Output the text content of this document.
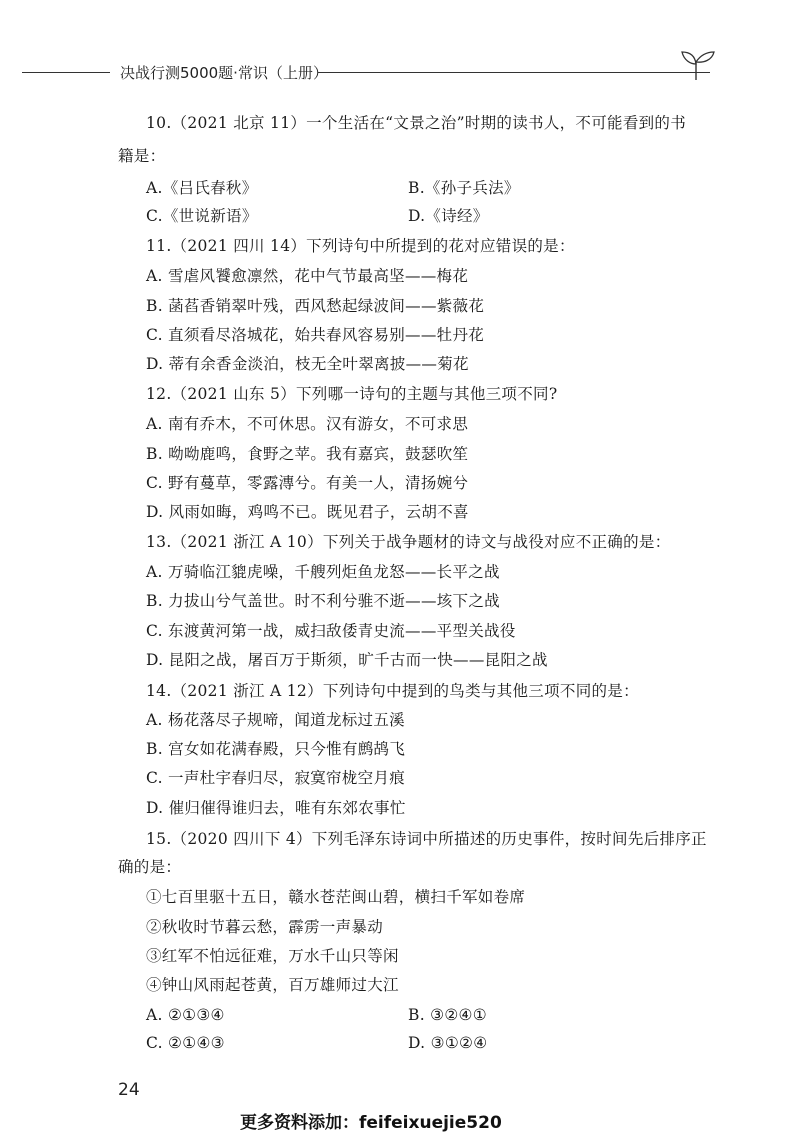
决战行测5000题·常识（上册）
10.（2021 北京 11）一个生活在“文景之治”时期的读书人，不可能看到的书
籍是：
A.《吕氏春秋》	B.《孙子兵法》
C.《世说新语》	D.《诗经》
11.（2021 四川 14）下列诗句中所提到的花对应错误的是：
A. 雪虐风饕愈凛然，花中气节最高坚——梅花
B. 菡萏香销翠叶残，西风愁起绿波间——紫薇花
C. 直须看尽洛城花，始共春风容易别——牡丹花
D. 蒂有余香金淡泊，枝无全叶翠离披——菊花
12.（2021 山东 5）下列哪一诗句的主题与其他三项不同?
A. 南有乔木，不可休思。汉有游女，不可求思
B. 呦呦鹿鸣，食野之苹。我有嘉宾，鼓瑟吹笙
C. 野有蔓草，零露漙兮。有美一人，清扬婉兮
D. 风雨如晦，鸡鸣不已。既见君子，云胡不喜
13.（2021 浙江 A 10）下列关于战争题材的诗文与战役对应不正确的是：
A. 万骑临江貔虎噪，千艘列炬鱼龙怒——长平之战
B. 力拔山兮气盖世。时不利兮骓不逝——垓下之战
C. 东渡黄河第一战，威扫敌倭青史流——平型关战役
D. 昆阳之战，屠百万于斯须，旷千古而一快——昆阳之战
14.（2021 浙江 A 12）下列诗句中提到的鸟类与其他三项不同的是：
A. 杨花落尽子规啼，闻道龙标过五溪
B. 宫女如花满春殿，只今惟有鹧鸪飞
C. 一声杜宇春归尽，寂寞帘栊空月痕
D. 催归催得谁归去，唯有东郊农事忙
15.（2020 四川下 4）下列毛泽东诗词中所描述的历史事件，按时间先后排序正
确的是：
①七百里驱十五日，赣水苍茫闽山碧，横扫千军如卷席
②秋收时节暮云愁，霹雳一声暴动
③红军不怕远征难，万水千山只等闲
④钟山风雨起苍黄，百万雄师过大江
A. ②①③④	B. ③②④①
C. ②①④③	D. ③①②④
24
更多资料添加：feifeixuejie520
